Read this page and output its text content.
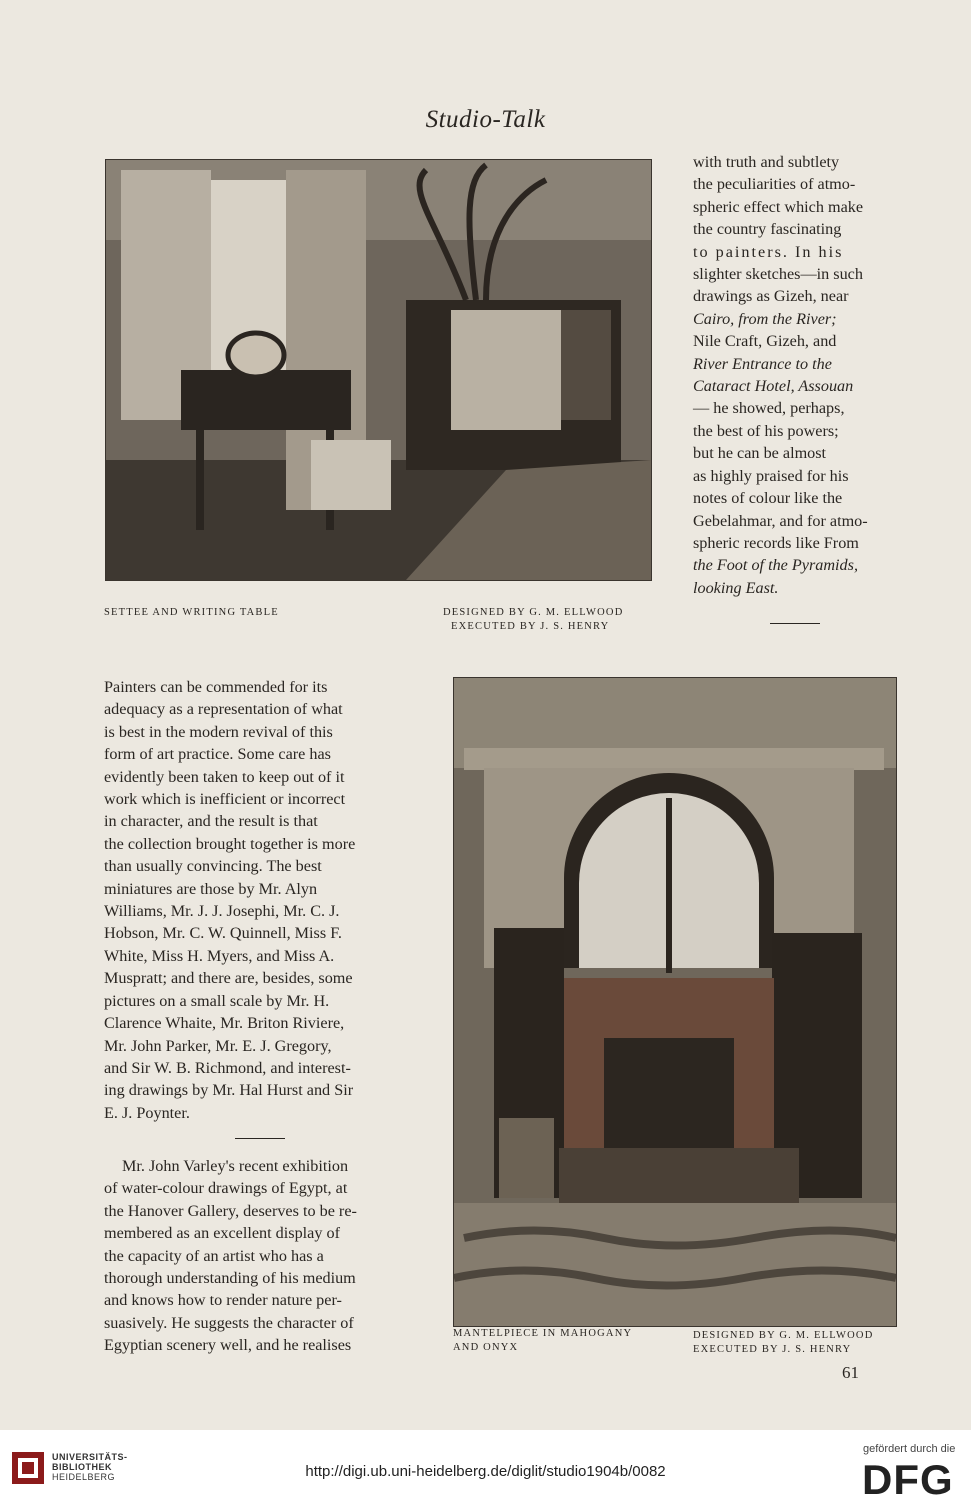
Studio-Talk
SETTEE AND WRITING TABLE	DESIGNED BY G. M. ELLWOOD
EXECUTED BY J. S. HENRY
with truth and subtlety
the peculiarities of atmo-
spheric effect which make
the country fascinating
to painters. In his
slighter sketches—in such
drawings as Gizeh, near
Cairo, from the River;
Nile Craft, Gizeh, and
River Entrance to the
Cataract Hotel, Assouan
— he showed, perhaps,
the best of his powers;
but he can be almost
as highly praised for his
notes of colour like the
Gebelahmar, and for atmo-
spheric records like From
the Foot of the Pyramids,
looking East.
Painters can be commended for its
adequacy as a representation of what
is best in the modern revival of this
form of art practice. Some care has
evidently been taken to keep out of it
work which is inefficient or incorrect
in character, and the result is that
the collection brought together is more
than usually convincing. The best
miniatures are those by Mr. Alyn
Williams, Mr. J. J. Josephi, Mr. C. J.
Hobson, Mr. C. W. Quinnell, Miss F.
White, Miss H. Myers, and Miss A.
Muspratt; and there are, besides, some
pictures on a small scale by Mr. H.
Clarence Whaite, Mr. Briton Riviere,
Mr. John Parker, Mr. E. J. Gregory,
and Sir W. B. Richmond, and interest-
ing drawings by Mr. Hal Hurst and Sir
E. J. Poynter.
Mr. John Varley's recent exhibition
of water-colour drawings of Egypt, at
the Hanover Gallery, deserves to be re-
membered as an excellent display of
the capacity of an artist who has a
thorough understanding of his medium
and knows how to render nature per-
suasively. He suggests the character of
Egyptian scenery well, and he realises
MANTELPIECE IN MAHOGANY
AND ONYX
DESIGNED BY G. M. ELLWOOD
EXECUTED BY J. S. HENRY
61
UNIVERSITÄTS-
BIBLIOTHEK
HEIDELBERG	http://digi.ub.uni-heidelberg.de/diglit/studio1904b/0082
gefördert durch die
DFG
